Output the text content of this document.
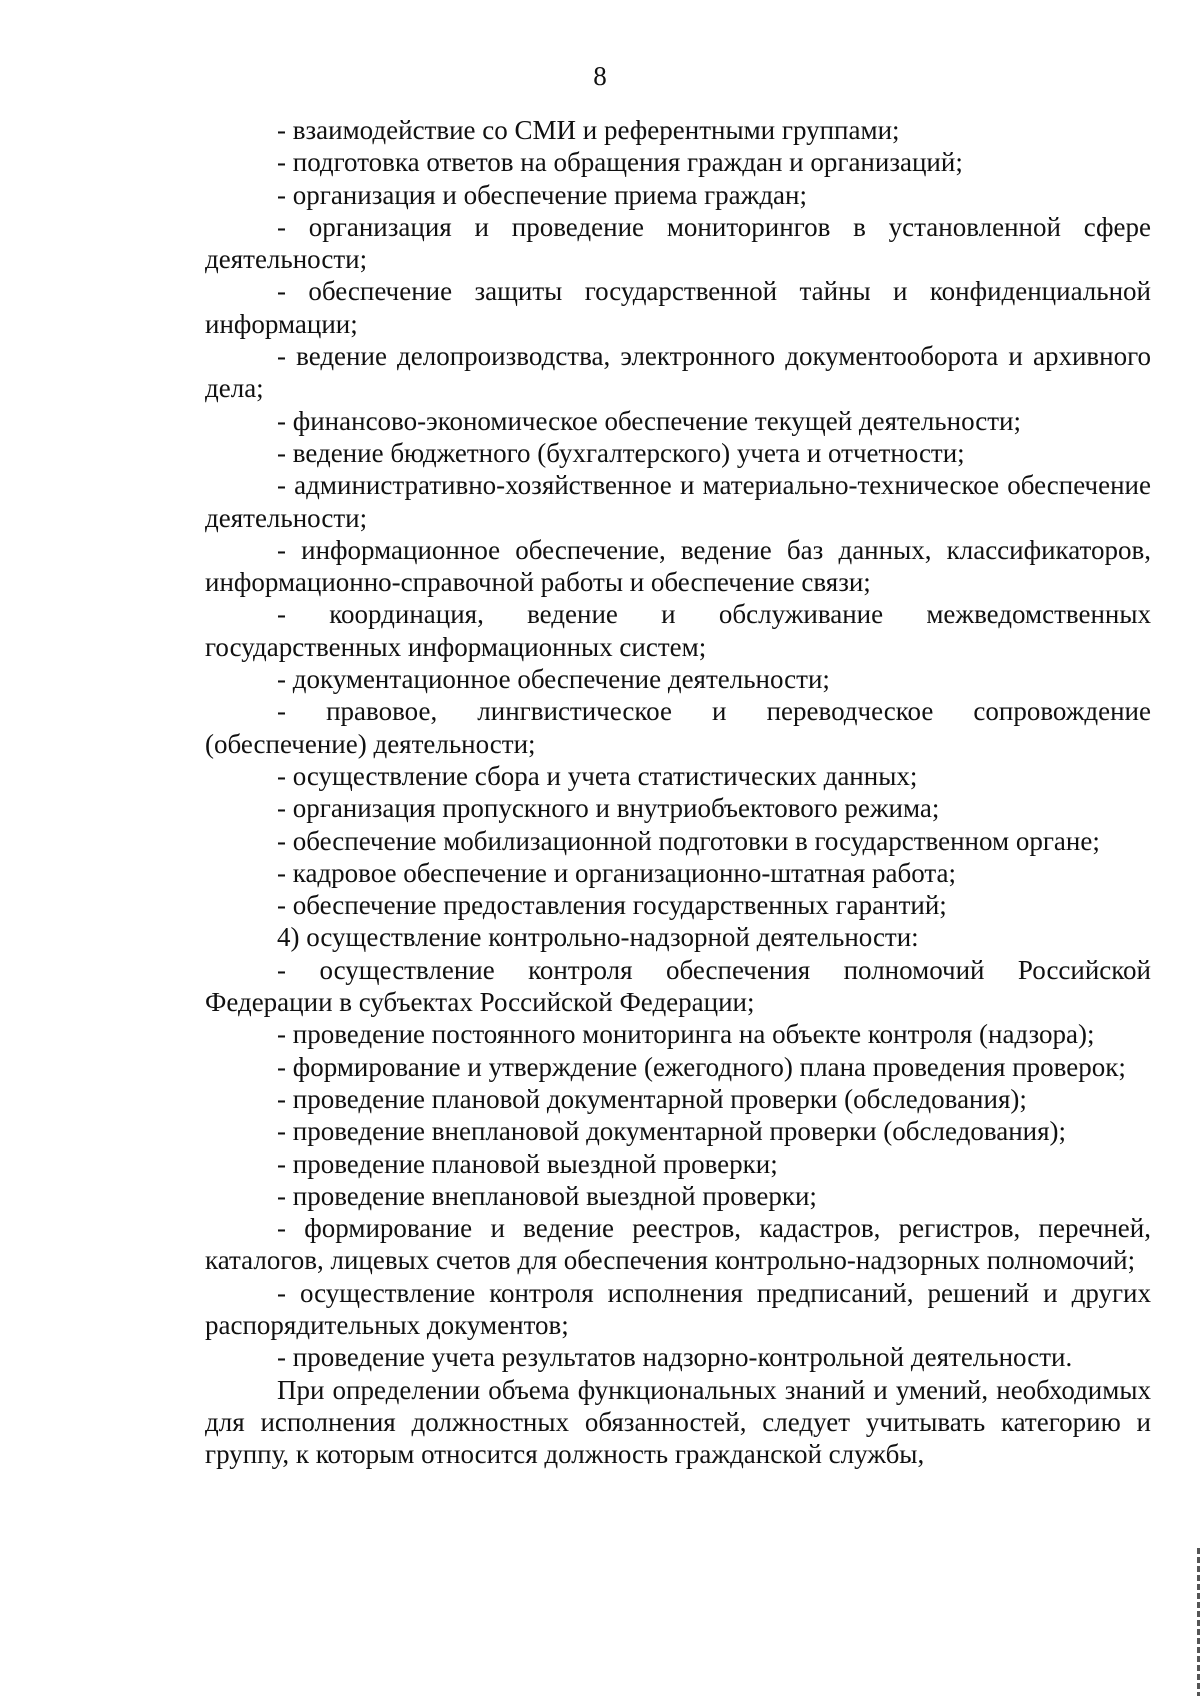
8

- взаимодействие со СМИ и референтными группами;

- подготовка ответов на обращения граждан и организаций;

- организация и обеспечение приема граждан;

- организация и проведение мониторингов в установленной сфере деятельности;

- обеспечение защиты государственной тайны и конфиденциальной информации;

- ведение делопроизводства, электронного документооборота и архивного дела;

- финансово-экономическое обеспечение текущей деятельности;

- ведение бюджетного (бухгалтерского) учета и отчетности;

- административно-хозяйственное и материально-техническое обеспечение деятельности;

- информационное обеспечение, ведение баз данных, классификаторов, информационно-справочной работы и обеспечение связи;

- координация, ведение и обслуживание межведомственных государственных информационных систем;

- документационное обеспечение деятельности;

- правовое, лингвистическое и переводческое сопровождение (обеспечение) деятельности;

- осуществление сбора и учета статистических данных;

- организация пропускного и внутриобъектового режима;

- обеспечение мобилизационной подготовки в государственном органе;

- кадровое обеспечение и организационно-штатная работа;

- обеспечение предоставления государственных гарантий;

4) осуществление контрольно-надзорной деятельности:

- осуществление контроля обеспечения полномочий Российской Федерации в субъектах Российской Федерации;

- проведение постоянного мониторинга на объекте контроля (надзора);

- формирование и утверждение (ежегодного) плана проведения проверок;

- проведение плановой документарной проверки (обследования);

- проведение внеплановой документарной проверки (обследования);

- проведение плановой выездной проверки;

- проведение внеплановой выездной проверки;

- формирование и ведение реестров, кадастров, регистров, перечней, каталогов, лицевых счетов для обеспечения контрольно-надзорных полномочий;

- осуществление контроля исполнения предписаний, решений и других распорядительных документов;

- проведение учета результатов надзорно-контрольной деятельности.

При определении объема функциональных знаний и умений, необходимых для исполнения должностных обязанностей, следует учитывать категорию и группу, к которым относится должность гражданской службы,
